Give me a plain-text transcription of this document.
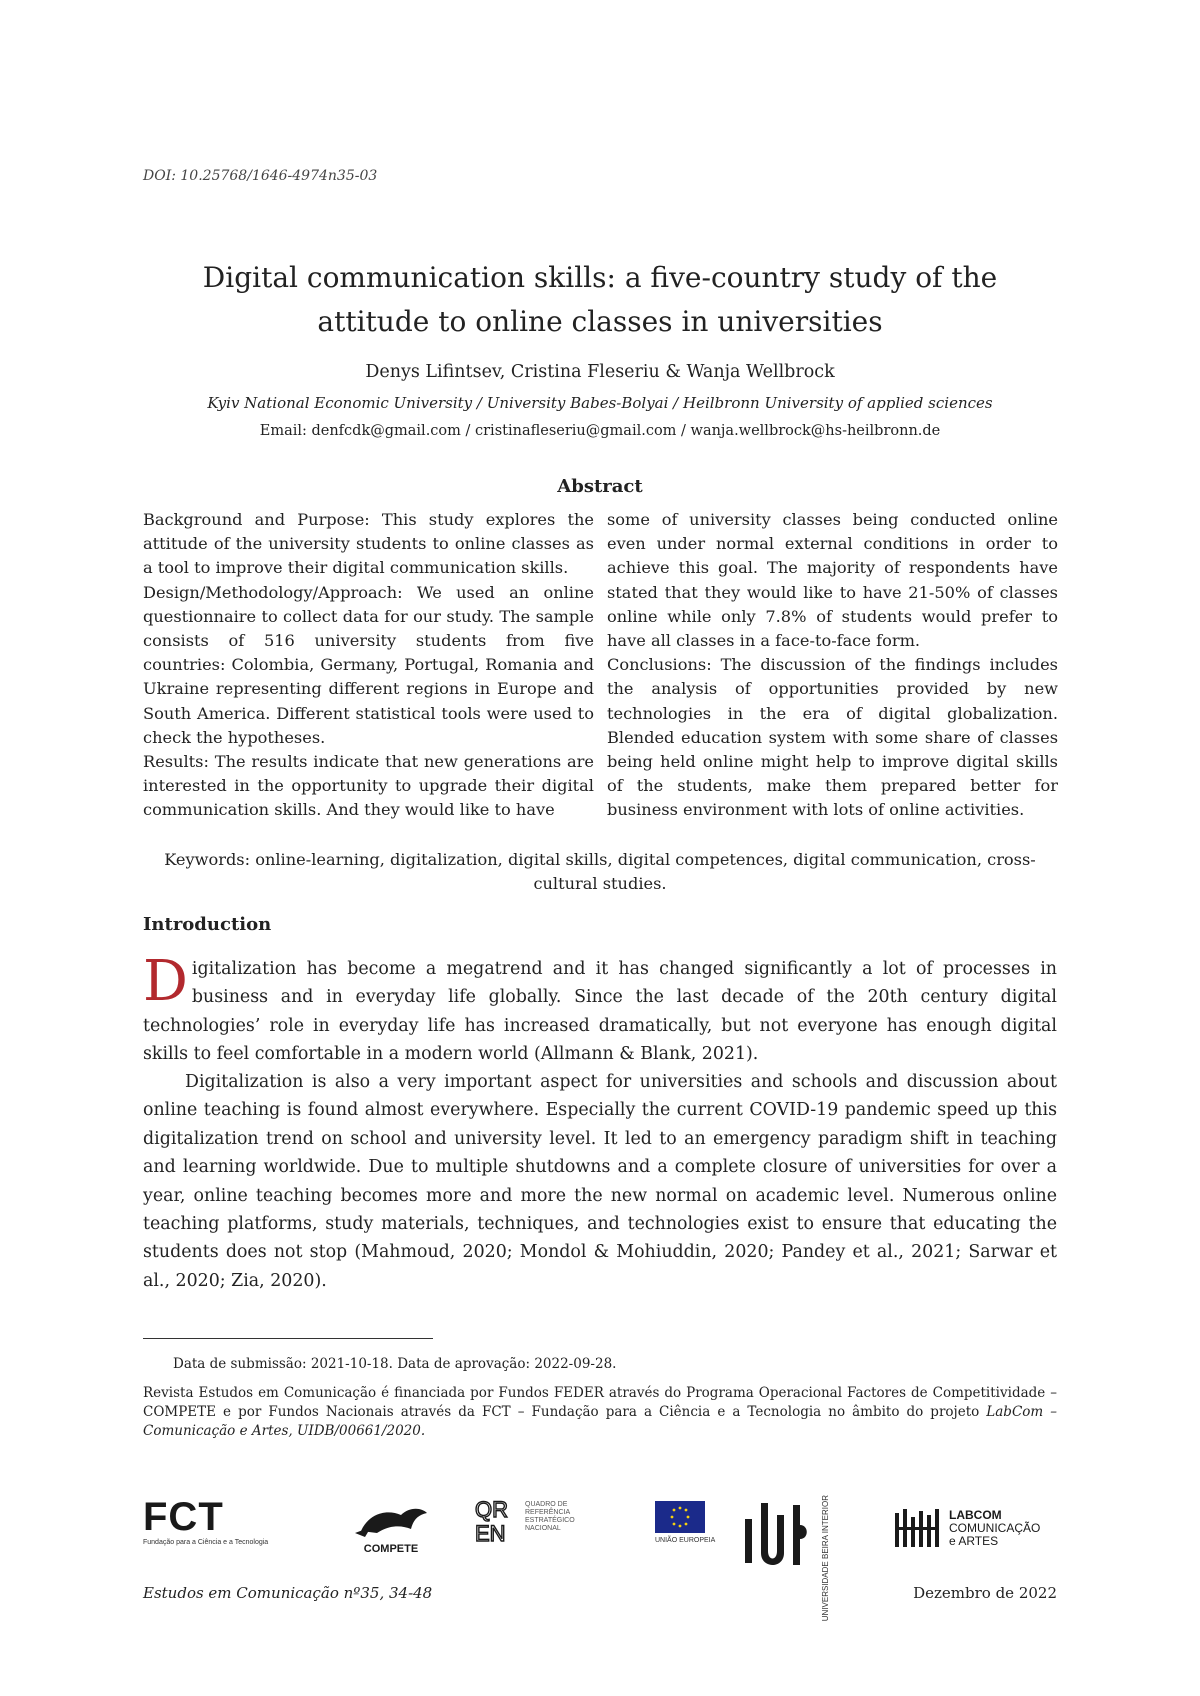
DOI: 10.25768/1646-4974n35-03
Digital communication skills: a five-country study of the attitude to online classes in universities
Denys Lifintsev, Cristina Fleseriu & Wanja Wellbrock
Kyiv National Economic University / University Babes-Bolyai / Heilbronn University of applied sciences
Email: denfcdk@gmail.com / cristinafleseriu@gmail.com / wanja.wellbrock@hs-heilbronn.de
Abstract

Background and Purpose: This study explores the attitude of the university students to online classes as a tool to improve their digital communication skills.

Design/Methodology/Approach: We used an online questionnaire to collect data for our study. The sample consists of 516 university students from five countries: Colombia, Germany, Portugal, Romania and Ukraine representing different regions in Europe and South America. Different statistical tools were used to check the hypotheses.

Results: The results indicate that new generations are interested in the opportunity to upgrade their digital communication skills. And they would like to have

some of university classes being conducted online even under normal external conditions in order to achieve this goal. The majority of respondents have stated that they would like to have 21-50% of classes online while only 7.8% of students would prefer to have all classes in a face-to-face form.

Conclusions: The discussion of the findings includes the analysis of opportunities provided by new technologies in the era of digital globalization. Blended education system with some share of classes being held online might help to improve digital skills of the students, make them prepared better for business environment with lots of online activities.

Keywords: online-learning, digitalization, digital skills, digital competences, digital communication, cross-cultural studies.
Introduction

Digitalization has become a megatrend and it has changed significantly a lot of processes in business and in everyday life globally. Since the last decade of the 20th century digital technologies’ role in everyday life has increased dramatically, but not everyone has enough digital skills to feel comfortable in a modern world (Allmann & Blank, 2021).

Digitalization is also a very important aspect for universities and schools and discussion about online teaching is found almost everywhere. Especially the current COVID-19 pandemic speed up this digitalization trend on school and university level. It led to an emergency paradigm shift in teaching and learning worldwide. Due to multiple shutdowns and a complete closure of universities for over a year, online teaching becomes more and more the new normal on academic level. Numerous online teaching platforms, study materials, techniques, and technologies exist to ensure that educating the students does not stop (Mahmoud, 2020; Mondol & Mohiuddin, 2020; Pandey et al., 2021; Sarwar et al., 2020; Zia, 2020).

Data de submissão: 2021-10-18. Data de aprovação: 2022-09-28.
Revista Estudos em Comunicação é financiada por Fundos FEDER através do Programa Operacional Factores de Competitividade – COMPETE e por Fundos Nacionais através da FCT – Fundação para a Ciência e a Tecnologia no âmbito do projeto LabCom – Comunicação e Artes, UIDB/00661/2020.
FCT
Fundação para a Ciência e a Tecnologia
COMPETE
QR
EN
QUADRO DE REFERÊNCIA ESTRATÉGICO NACIONAL
UNIÃO EUROPEIA	UNIVERSIDADE BEIRA INTERIOR	LABCOM
COMUNICAÇÃO
e ARTES
Estudos em Comunicação nº35, 34-48	Dezembro de 2022
